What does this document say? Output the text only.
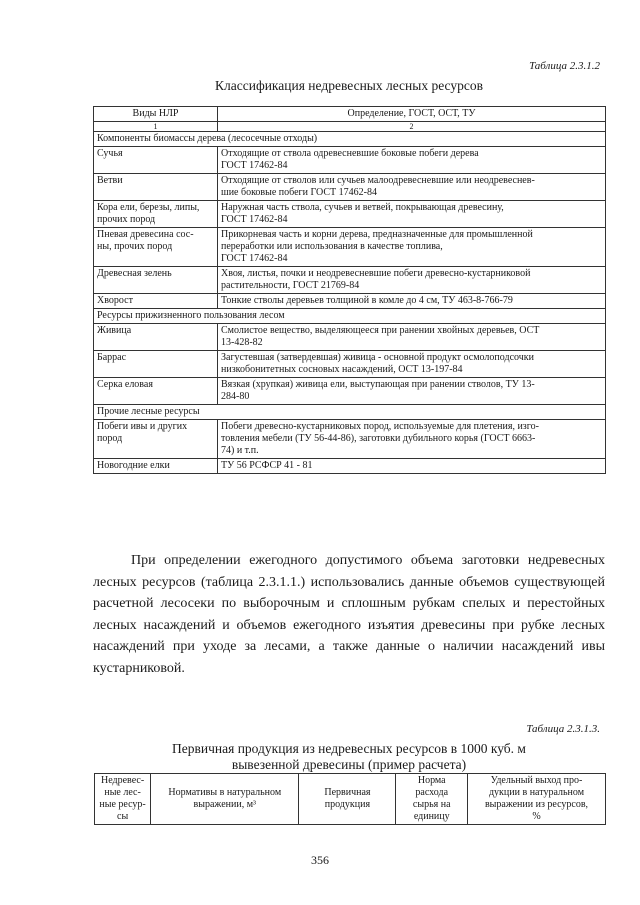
Таблица 2.3.1.2
Классификация недревесных лесных ресурсов
Виды НЛР	Определение, ГОСТ, ОСТ, ТУ
1	2
Компоненты биомассы дерева (лесосечные отходы)	
Сучья	Отходящие от ствола одревесневшие боковые побеги дерева
ГОСТ 17462-84
Ветви	Отходящие от стволов или сучьев малоодревесневшие или неодревеснев-
шие боковые побеги ГОСТ 17462-84
Кора ели, березы, липы,
прочих пород	Наружная часть ствола, сучьев и ветвей, покрывающая древесину,
ГОСТ 17462-84
Пневая древесина сос-
ны, прочих пород	Прикорневая часть и корни дерева, предназначенные для промышленной
переработки или использования в качестве топлива,
ГОСТ 17462-84
Древесная зелень	Хвоя, листья, почки и неодревесневшие побеги древесно-кустарниковой
растительности, ГОСТ 21769-84
Хворост	Тонкие стволы деревьев толщиной в комле до 4 см, ТУ 463-8-766-79
Ресурсы прижизненного пользования лесом	
Живица	Смолистое вещество, выделяющееся при ранении хвойных деревьев, ОСТ
13-428-82
Баррас	Загустевшая (затвердевшая) живица - основной продукт осмолоподсочки
низкобонитетных сосновых насаждений, ОСТ 13-197-84
Серка еловая	Вязкая (хрупкая) живица ели, выступающая при ранении стволов, ТУ 13-
284-80
Прочие лесные ресурсы	
Побеги ивы и других
пород	Побеги древесно-кустарниковых пород, используемые для плетения, изго-
товления мебели (ТУ 56-44-86), заготовки дубильного корья (ГОСТ 6663-
74) и т.п.
Новогодние елки	ТУ 56 РСФСР 41 - 81
При определении ежегодного допустимого объема заготовки недревесных лесных ресурсов (таблица 2.3.1.1.) использовались данные объемов существующей расчетной лесосеки по выборочным и сплошным рубкам спелых и перестойных лесных насаждений и объемов ежегодного изъятия древесины при рубке лесных насаждений при уходе за лесами, а также данные о наличии насаждений ивы кустарниковой.
Таблица 2.3.1.3.
Первичная продукция из недревесных ресурсов в 1000 куб. м
вывезенной древесины (пример расчета)
Недревес-
ные лес-
ные ресур-
сы	Нормативы в натуральном
выражении, м³	Первичная
продукция	Норма
расхода
сырья на
единицу	Удельный выход про-
дукции в натуральном
выражении из ресурсов,
%
356
